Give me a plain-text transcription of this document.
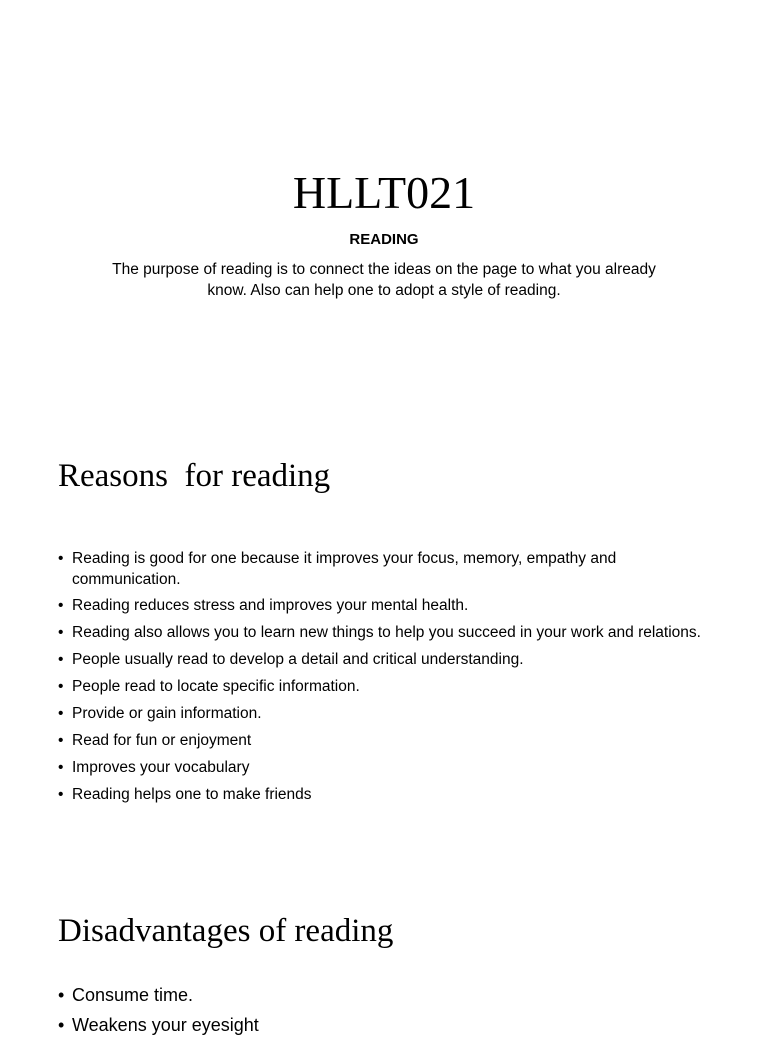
HLLT021
READING

The purpose of reading is to connect the ideas on the page to what you already know. Also can help one to adopt a style of reading.

Reasons  for reading
• Reading is good for one because it improves your focus, memory, empathy and communication.
• Reading reduces stress and improves your mental health.
• Reading also allows you to learn new things to help you succeed in your work and relations.
• People usually read to develop a detail and critical understanding.
• People read to locate specific information.
• Provide or gain information.
• Read for fun or enjoyment
• Improves your vocabulary
• Reading helps one to make friends
Disadvantages of reading
• Consume time.
• Weakens your eyesight
